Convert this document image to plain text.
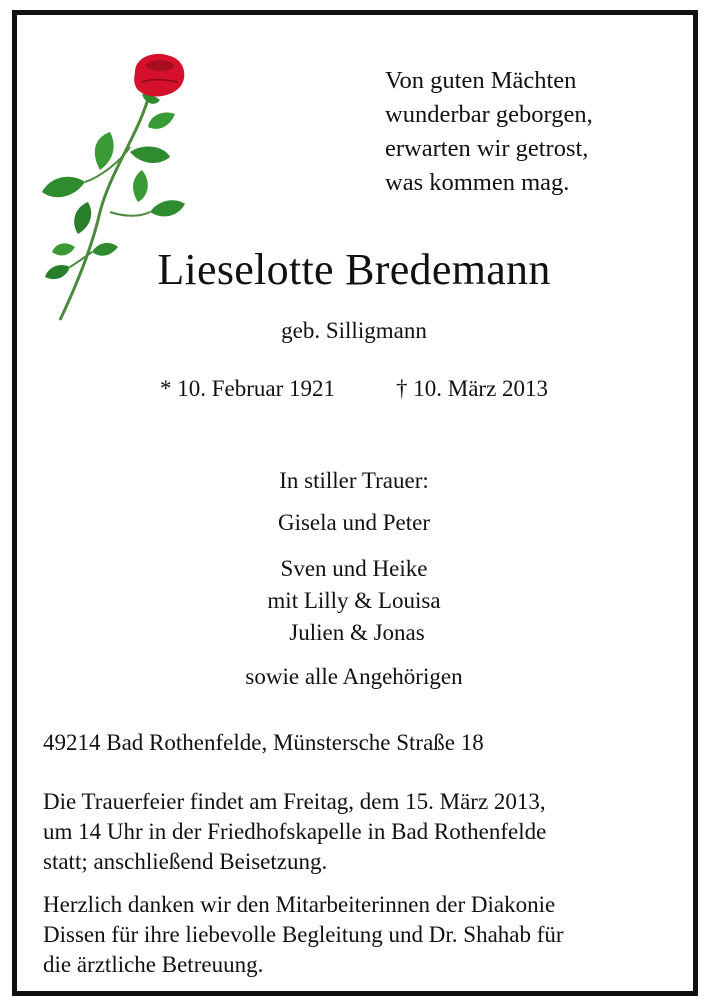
Von guten Mächten
wunderbar geborgen,
erwarten wir getrost,
was kommen mag.
Lieselotte Bredemann
geb. Silligmann
* 10. Februar 1921	† 10. März 2013
In stiller Trauer:
Gisela und Peter
Sven und Heike
mit Lilly & Louisa
Julien & Jonas
sowie alle Angehörigen
49214 Bad Rothenfelde, Münstersche Straße 18
Die Trauerfeier findet am Freitag, dem 15. März 2013,
um 14 Uhr in der Friedhofskapelle in Bad Rothenfelde
statt; anschließend Beisetzung.
Herzlich danken wir den Mitarbeiterinnen der Diakonie
Dissen für ihre liebevolle Begleitung und Dr. Shahab für
die ärztliche Betreuung.
